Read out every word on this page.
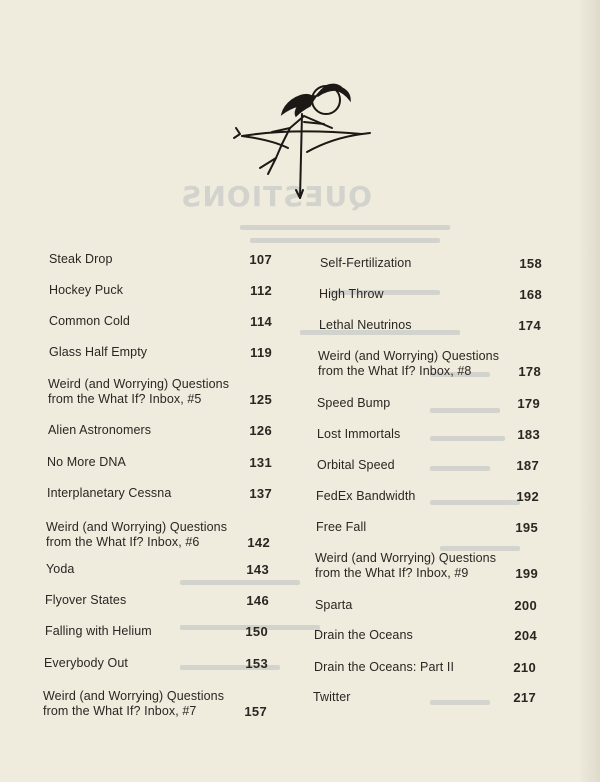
QUESTIONS
Steak Drop	107
Hockey Puck	112
Common Cold	114
Glass Half Empty	119
Weird (and Worrying) Questions
from the What If? Inbox, #5	125
Alien Astronomers	126
No More DNA	131
Interplanetary Cessna	137
Weird (and Worrying) Questions
from the What If? Inbox, #6	142
Yoda	143
Flyover States	146
Falling with Helium	150
Everybody Out	153
Weird (and Worrying) Questions
from the What If? Inbox, #7	157
Self-Fertilization	158
High Throw	168
Lethal Neutrinos	174
Weird (and Worrying) Questions
from the What If? Inbox, #8	178
Speed Bump	179
Lost Immortals	183
Orbital Speed	187
FedEx Bandwidth	192
Free Fall	195
Weird (and Worrying) Questions
from the What If? Inbox, #9	199
Sparta	200
Drain the Oceans	204
Drain the Oceans: Part II	210
Twitter	217
